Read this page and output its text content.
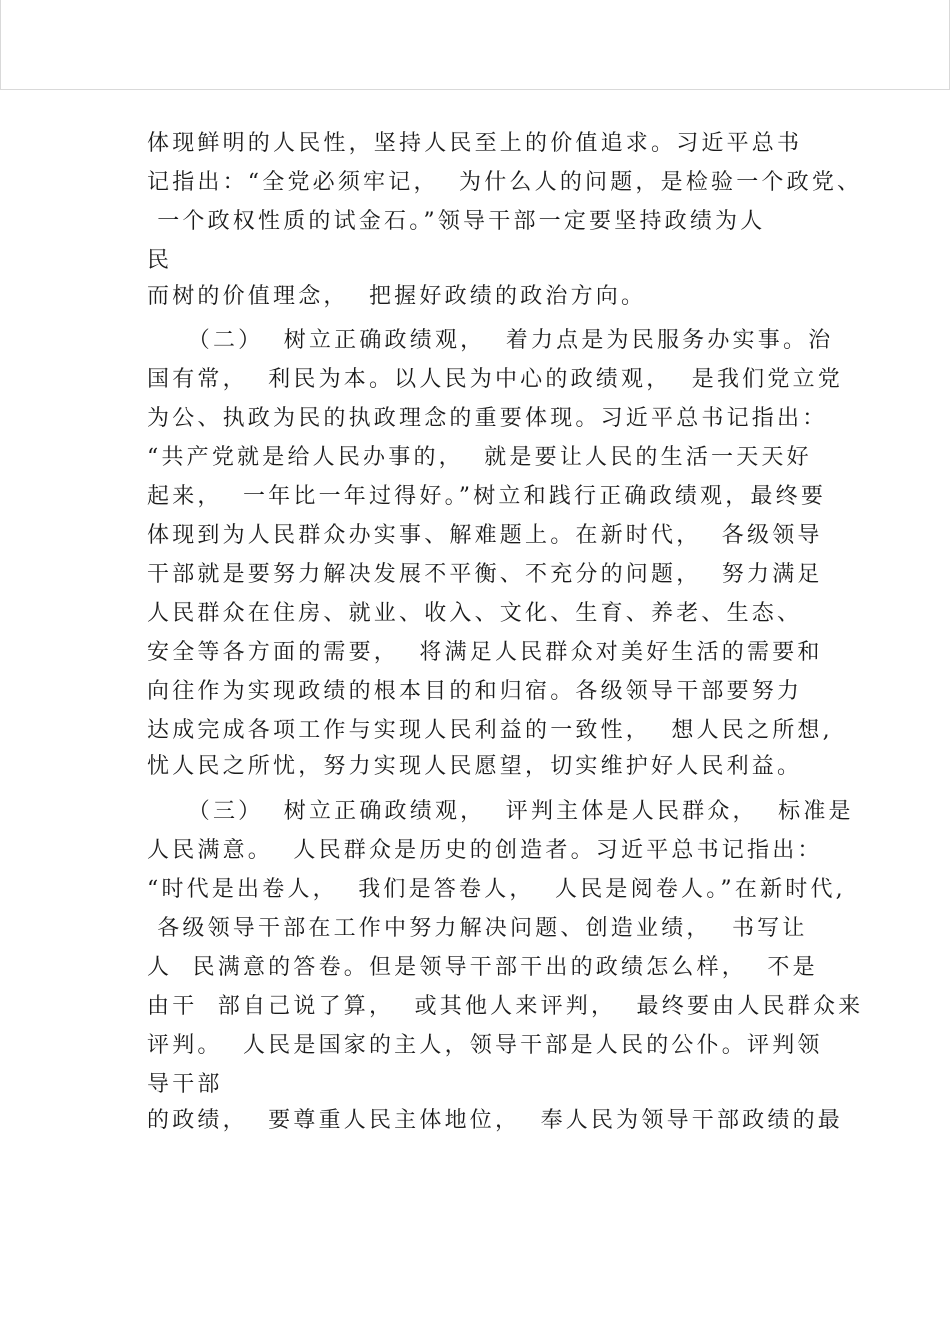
体现鲜明的人民性，坚持人民至上的价值追求。习近平总书

记指出：“全党必须牢记，  为什么人的问题，是检验一个政党、

一个政权性质的试金石。”领导干部一定要坚持政绩为人

民

而树的价值理念，  把握好政绩的政治方向。

（二）  树立正确政绩观，  着力点是为民服务办实事。治

国有常，  利民为本。以人民为中心的政绩观，  是我们党立党

为公、执政为民的执政理念的重要体现。习近平总书记指出：

“共产党就是给人民办事的，  就是要让人民的生活一天天好

起来，  一年比一年过得好。”树立和践行正确政绩观，最终要

体现到为人民群众办实事、解难题上。在新时代，  各级领导

干部就是要努力解决发展不平衡、不充分的问题，  努力满足

人民群众在住房、就业、收入、文化、生育、养老、生态、

安全等各方面的需要，  将满足人民群众对美好生活的需要和

向往作为实现政绩的根本目的和归宿。各级领导干部要努力

达成完成各项工作与实现人民利益的一致性，  想人民之所想,

忧人民之所忧，努力实现人民愿望，切实维护好人民利益。

（三）  树立正确政绩观，  评判主体是人民群众，  标准是

人民满意。  人民群众是历史的创造者。习近平总书记指出：

“时代是出卷人，  我们是答卷人，  人民是阅卷人。”在新时代,

各级领导干部在工作中努力解决问题、创造业绩，  书写让

人  民满意的答卷。但是领导干部干出的政绩怎么样，  不是

由干  部自己说了算，  或其他人来评判，  最终要由人民群众来

评判。  人民是国家的主人，领导干部是人民的公仆。评判领

导干部

的政绩，  要尊重人民主体地位，  奉人民为领导干部政绩的最
